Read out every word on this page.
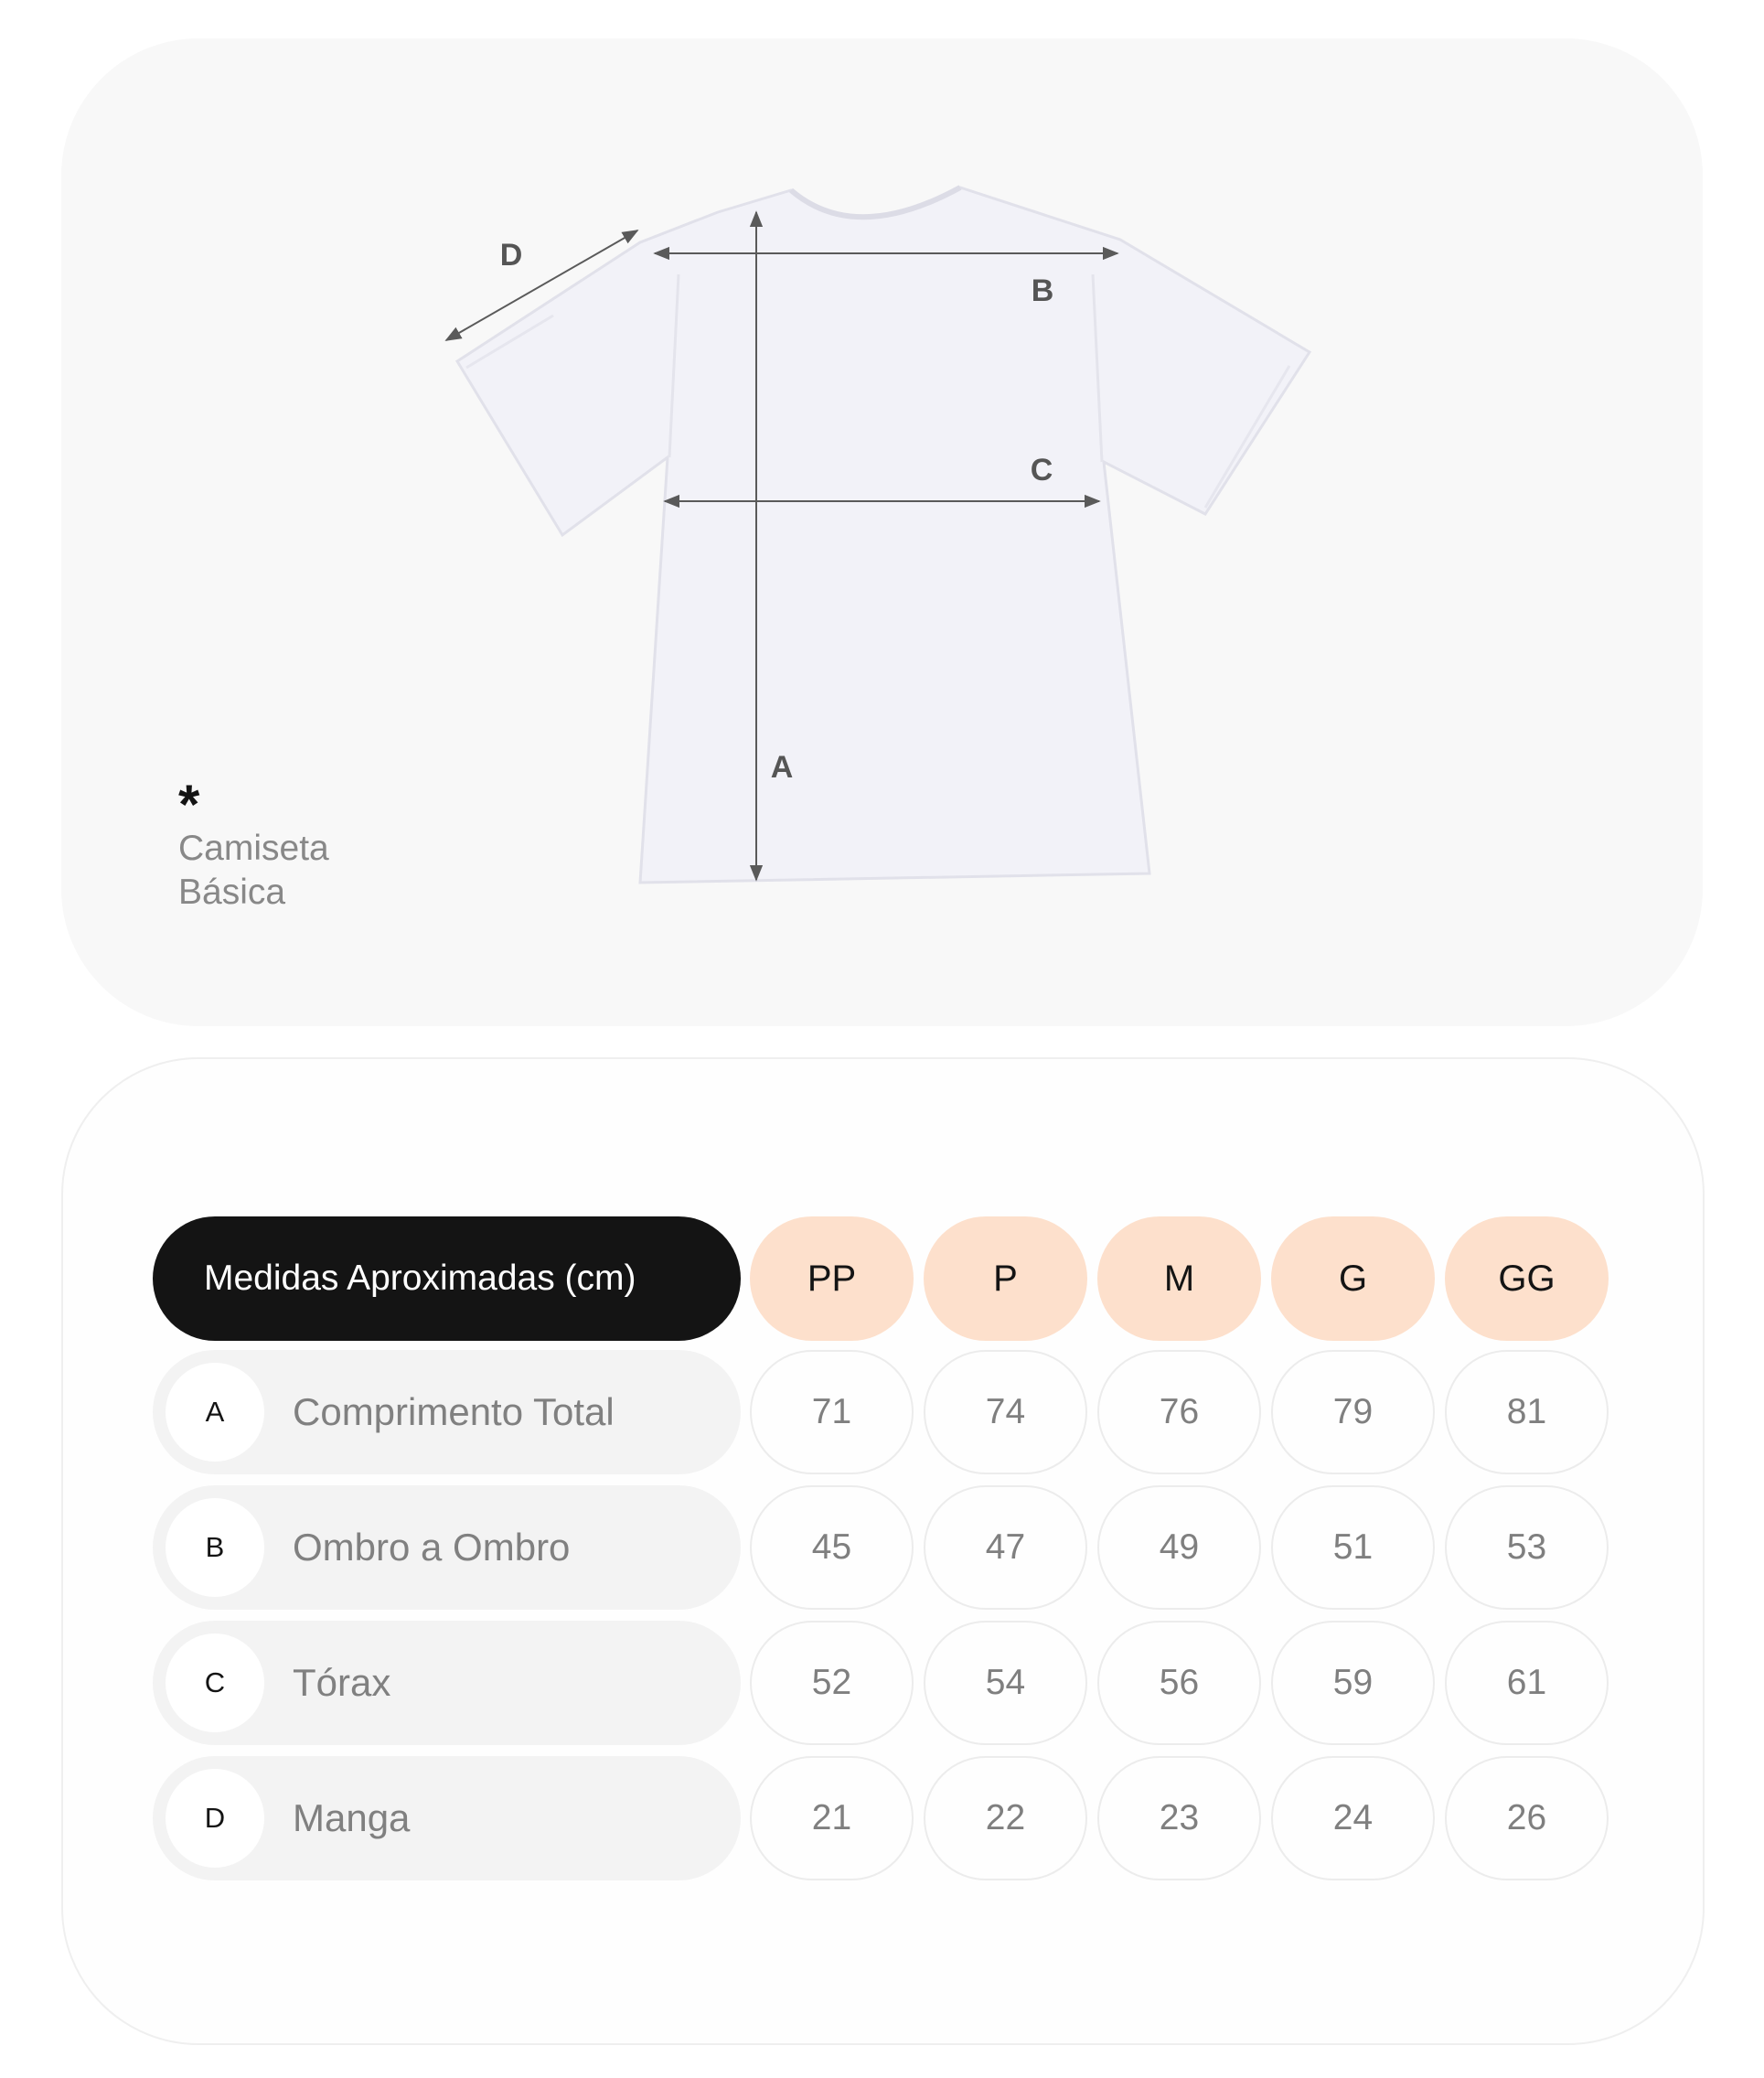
A
B
C
D
*
Camiseta
Básica
Medidas Aproximadas (cm)	PP	P	M	G	GG
A	Comprimento Total	71	74	76	79	81
B	Ombro a Ombro	45	47	49	51	53
C	Tórax	52	54	56	59	61
D	Manga	21	22	23	24	26
